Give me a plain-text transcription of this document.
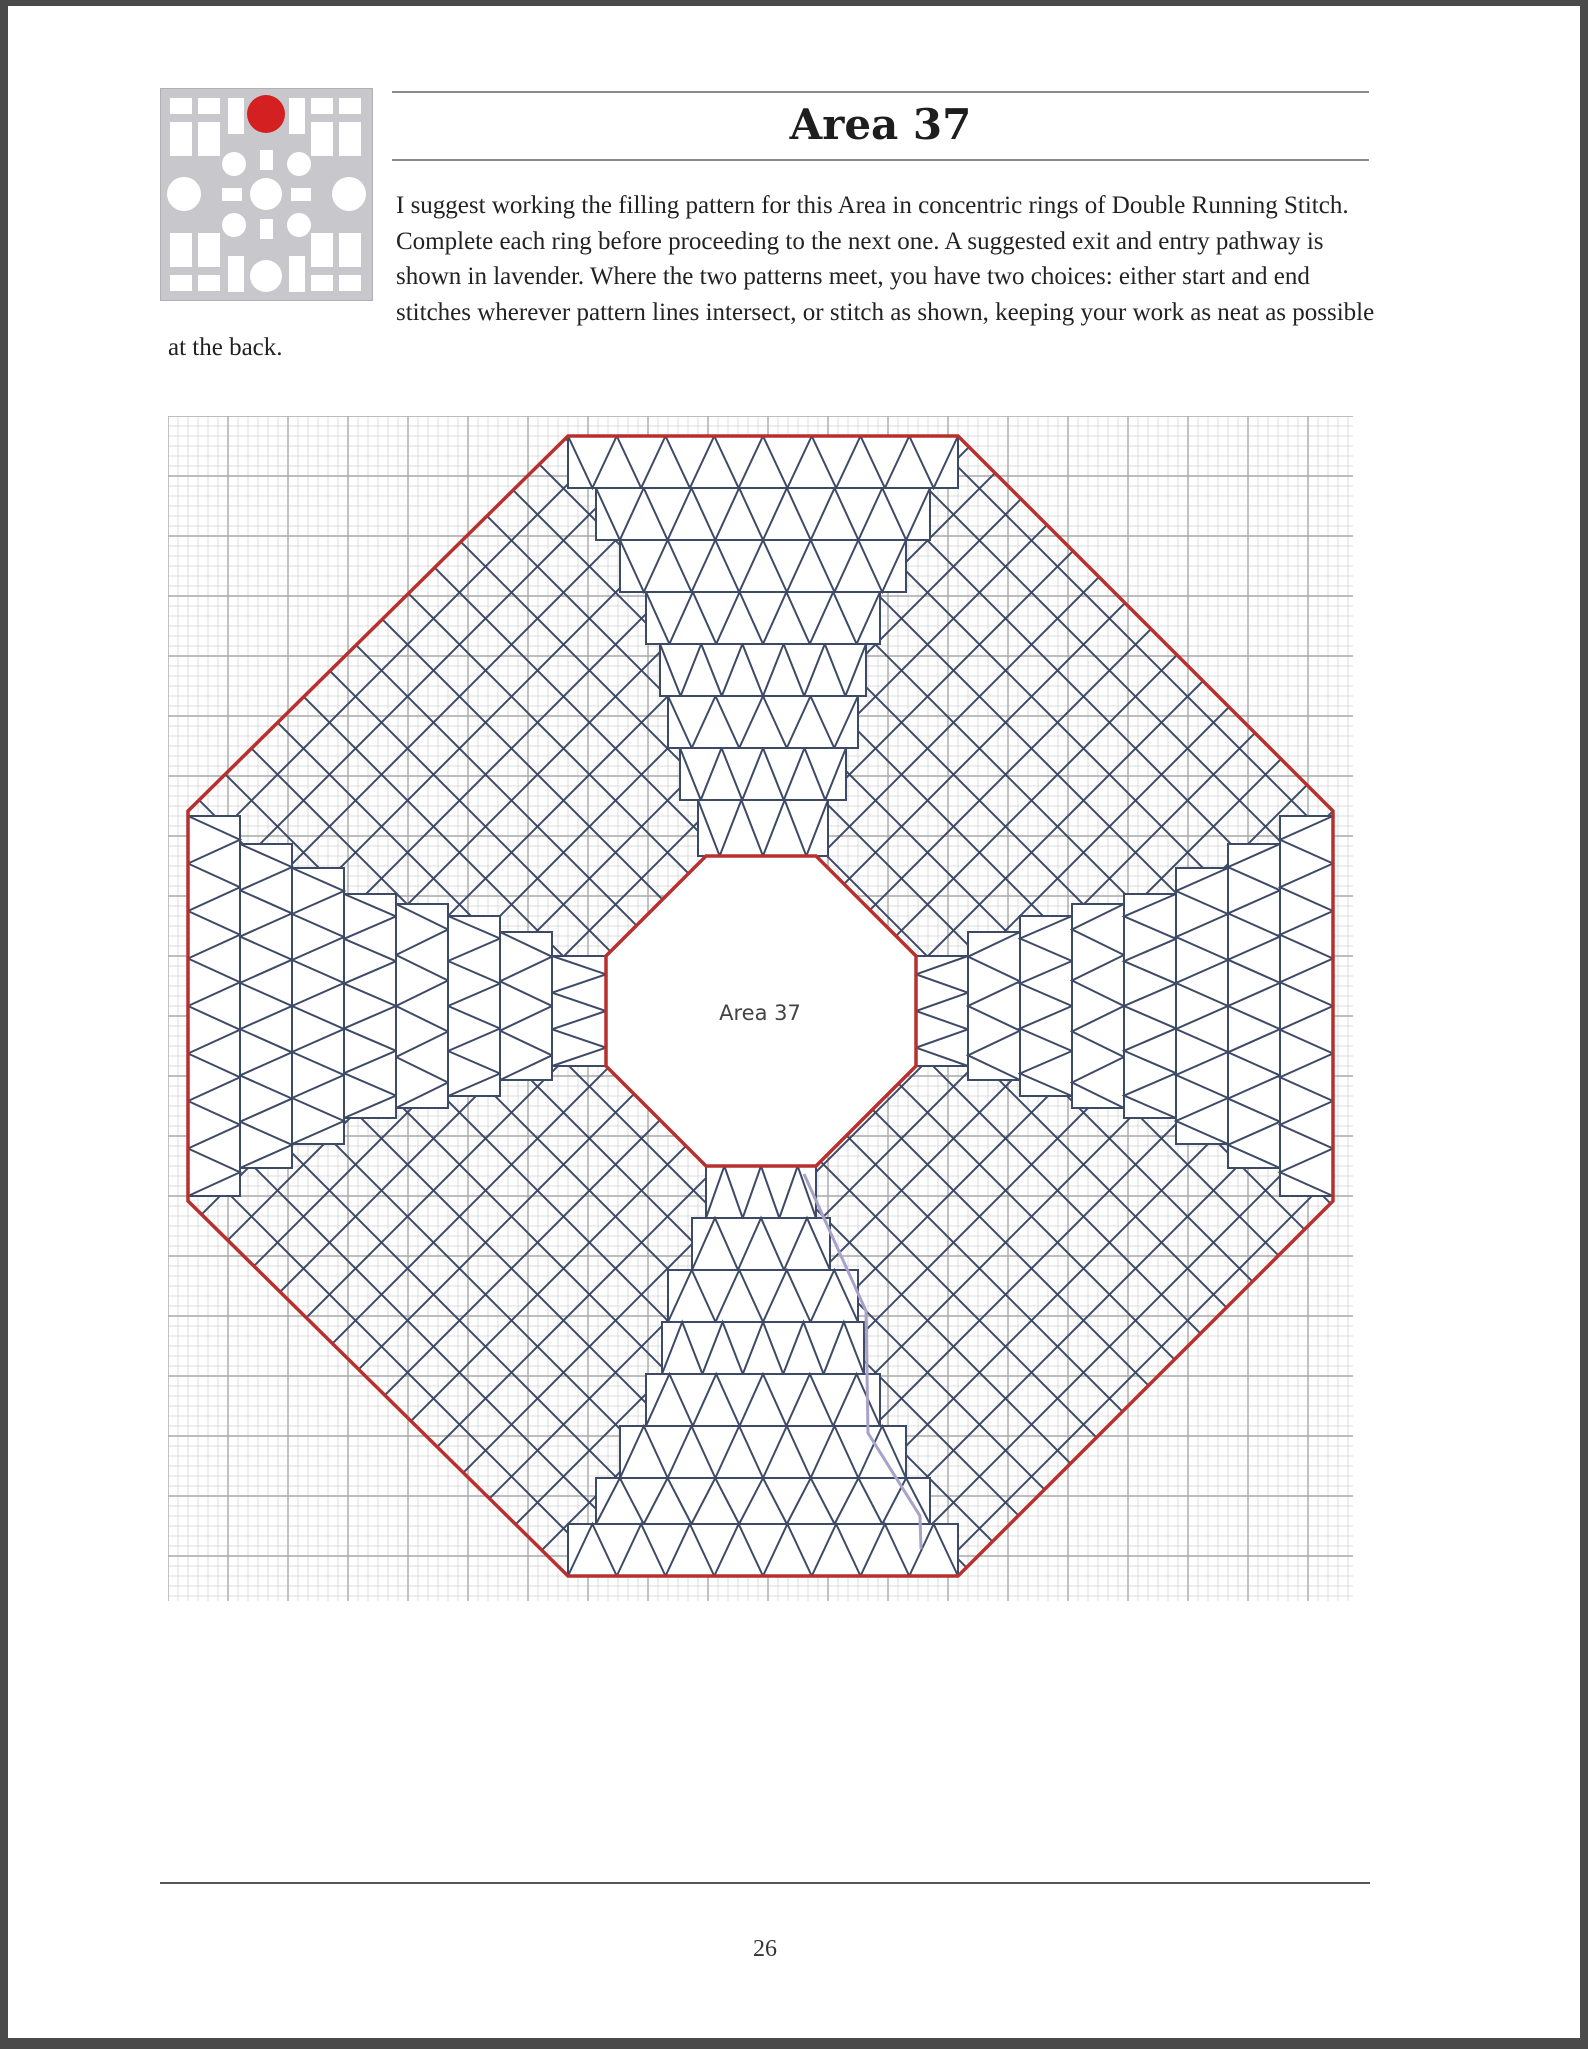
Area 37

I suggest working the filling pattern for this Area in concentric rings of Double Running Stitch. Complete each ring before proceeding to the next one. A suggested exit and entry pathway is shown in lavender. Where the two patterns meet, you have two choices: either start and end stitches wherever pattern lines intersect, or stitch as shown, keeping your work as neat as possible at the back.

Area 37
26
